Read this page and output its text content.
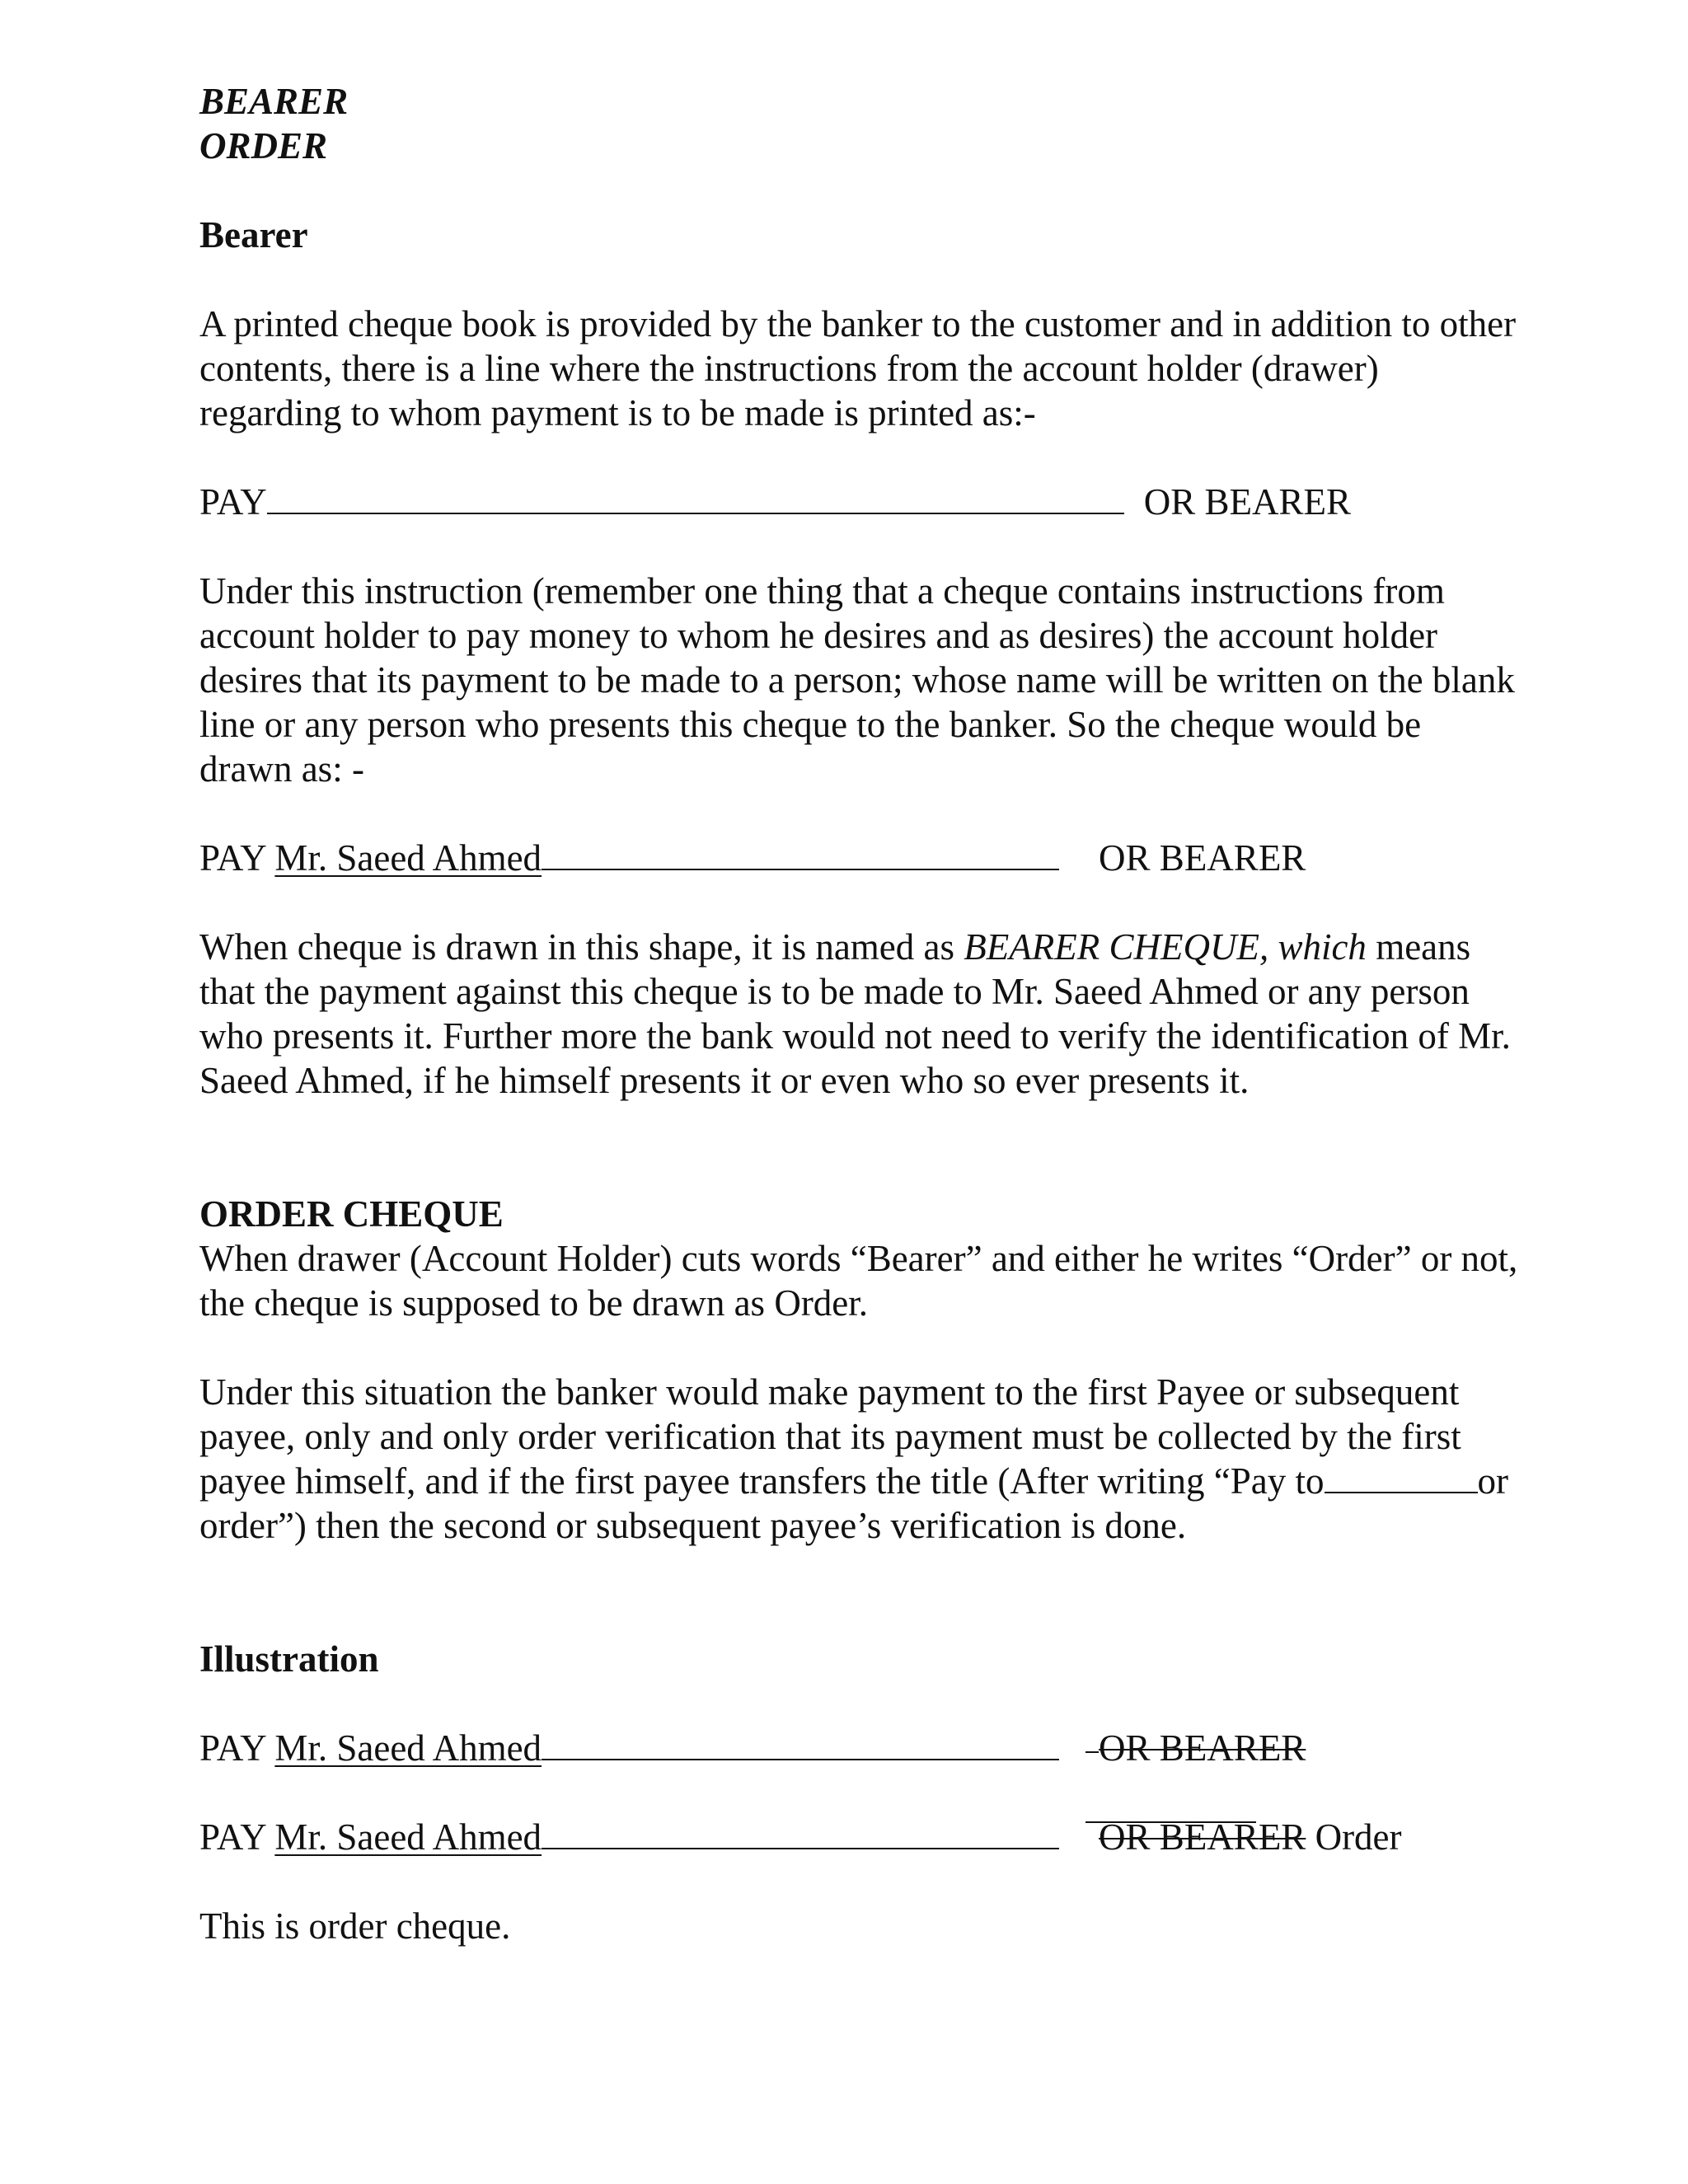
BEARER
ORDER
Bearer

A printed cheque book is provided by the banker to the customer and in addition to other contents, there is a line where the instructions from the account holder (drawer) regarding to whom payment is to be made is printed as:-

PAY	OR BEARER

Under this instruction (remember one thing that a cheque contains instructions from account holder to pay money to whom he desires and as desires) the account holder desires that its payment to be made to a person; whose name will be written on the blank line or any person who presents this cheque to the banker. So the cheque would be drawn as: -

PAY Mr. Saeed Ahmed	OR BEARER

When cheque is drawn in this shape, it is named as BEARER CHEQUE, which means that the payment against this cheque is to be made to Mr. Saeed Ahmed or any person who presents it. Further more the bank would not need to verify the identification of Mr. Saeed Ahmed, if he himself presents it or even who so ever presents it.

ORDER CHEQUE

When drawer (Account Holder) cuts words “Bearer” and either he writes “Order” or not, the cheque is supposed to be drawn as Order.

Under this situation the banker would make payment to the first Payee or subsequent payee, only and only order verification that its payment must be collected by the first payee himself, and if the first payee transfers the title (After writing “Pay to	or order”) then the second or subsequent payee’s verification is done.

Illustration
PAY Mr. Saeed Ahmed	OR BEARER
PAY Mr. Saeed Ahmed	OR BEARER Order

This is order cheque.
